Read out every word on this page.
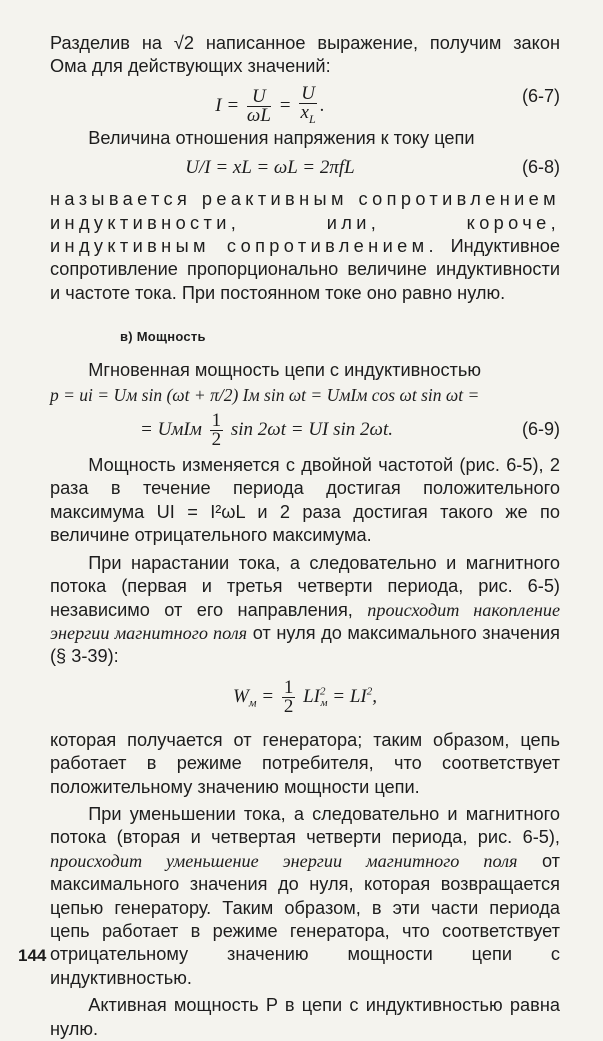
Разделив на √2 написанное выражение, получим закон Ома для действующих значений:

$I = \frac{U}{\omega L} = \frac{U}{x_L}$ .	(6-7)

Величина отношения напряжения к току цепи

U/I = xL = ωL = 2πfL	(6-8)

называется реактивным сопротивлением индуктивности, или, короче, индуктивным сопротивлением. Индуктивное сопротивление пропорционально величине индуктивности и частоте тока. При постоянном токе оно равно нулю.

в) Мощность

Мгновенная мощность цепи с индуктивностью

p = ui = Uм sin (ωt + π/2) Iм sin ωt = UмIм cos ωt sin ωt =
= UмIм $\frac{1}{2}$ sin 2ωt = UI sin 2ωt.	(6-9)

Мощность изменяется с двойной частотой (рис. 6-5), 2 раза в течение периода достигая положительного максимума UI = I²ωL и 2 раза достигая такого же по величине отрицательного максимума.

При нарастании тока, а следовательно и магнитного потока (первая и третья четверти периода, рис. 6-5) независимо от его направления, происходит накопление энергии магнитного поля от нуля до максимального значения (§ 3-39):

$W_м = \frac{1}{2} LI^2_м = LI^2$,

которая получается от генератора; таким образом, цепь работает в режиме потребителя, что соответствует положительному значению мощности цепи.

При уменьшении тока, а следовательно и магнитного потока (вторая и четвертая четверти периода, рис. 6-5), происходит уменьшение энергии магнитного поля от максимального значения до нуля, которая возвращается цепью генератору. Таким образом, в эти части периода цепь работает в режиме генератора, что соответствует отрицательному значению мощности цепи с индуктивностью.

Активная мощность P в цепи с индуктивностью равна нулю.

144
